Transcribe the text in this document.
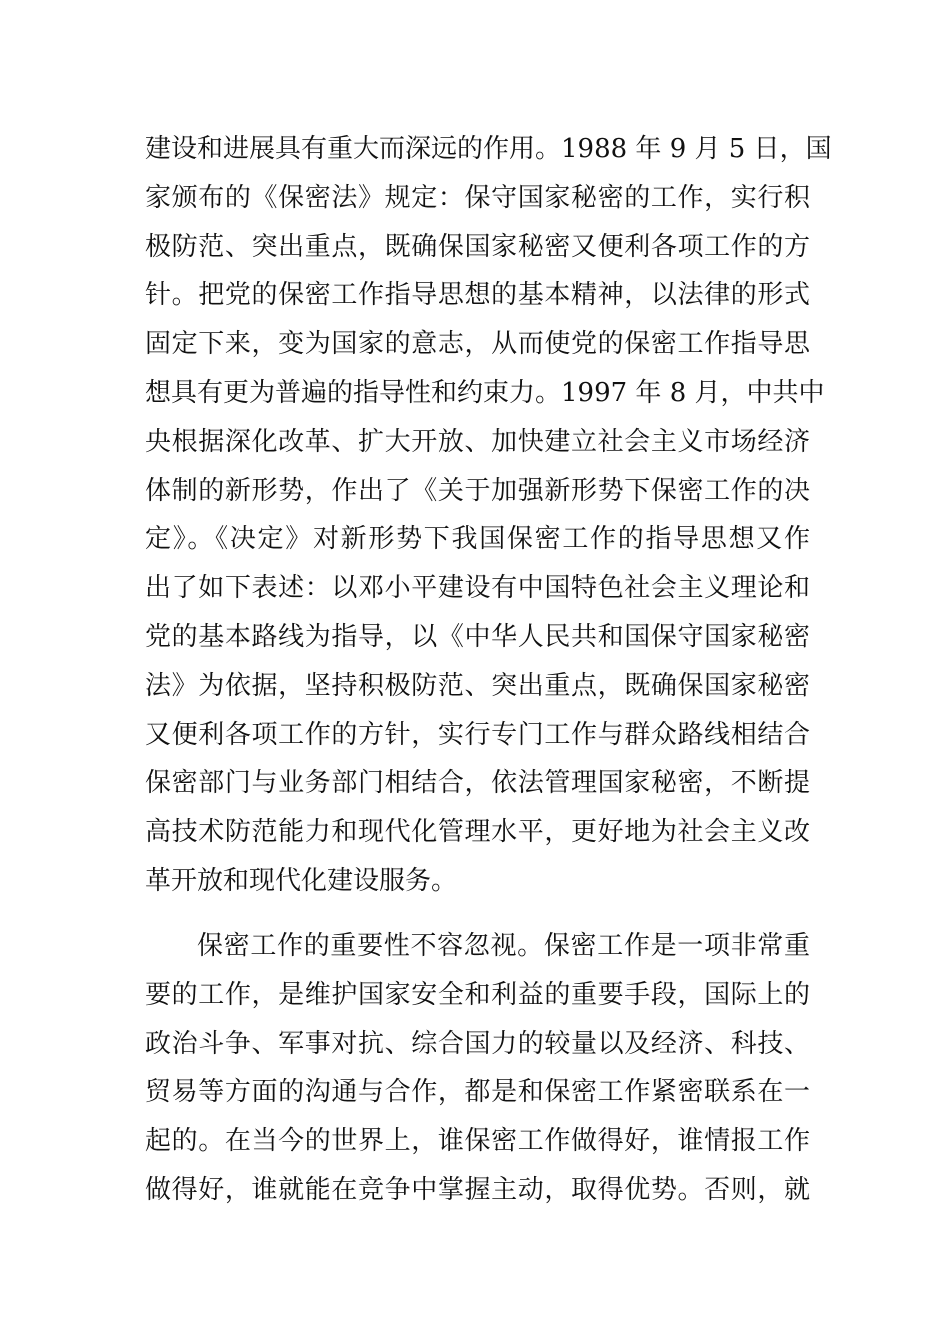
建设和进展具有重大而深远的作用。1988 年 9 月 5 日，国
家颁布的《保密法》规定：保守国家秘密的工作，实行积
极防范、突出重点，既确保国家秘密又便利各项工作的方
针。把党的保密工作指导思想的基本精神，以法律的形式
固定下来，变为国家的意志，从而使党的保密工作指导思
想具有更为普遍的指导性和约束力。1997 年 8 月，中共中
央根据深化改革、扩大开放、加快建立社会主义市场经济
体制的新形势，作出了《关于加强新形势下保密工作的决
定》。《决定》对新形势下我国保密工作的指导思想又作
出了如下表述：以邓小平建设有中国特色社会主义理论和
党的基本路线为指导，以《中华人民共和国保守国家秘密
法》为依据，坚持积极防范、突出重点，既确保国家秘密
又便利各项工作的方针，实行专门工作与群众路线相结合
保密部门与业务部门相结合，依法管理国家秘密，不断提
高技术防范能力和现代化管理水平，更好地为社会主义改
革开放和现代化建设服务。
保密工作的重要性不容忽视。保密工作是一项非常重
要的工作，是维护国家安全和利益的重要手段，国际上的
政治斗争、军事对抗、综合国力的较量以及经济、科技、
贸易等方面的沟通与合作，都是和保密工作紧密联系在一
起的。在当今的世界上，谁保密工作做得好，谁情报工作
做得好，谁就能在竞争中掌握主动，取得优势。否则，就
